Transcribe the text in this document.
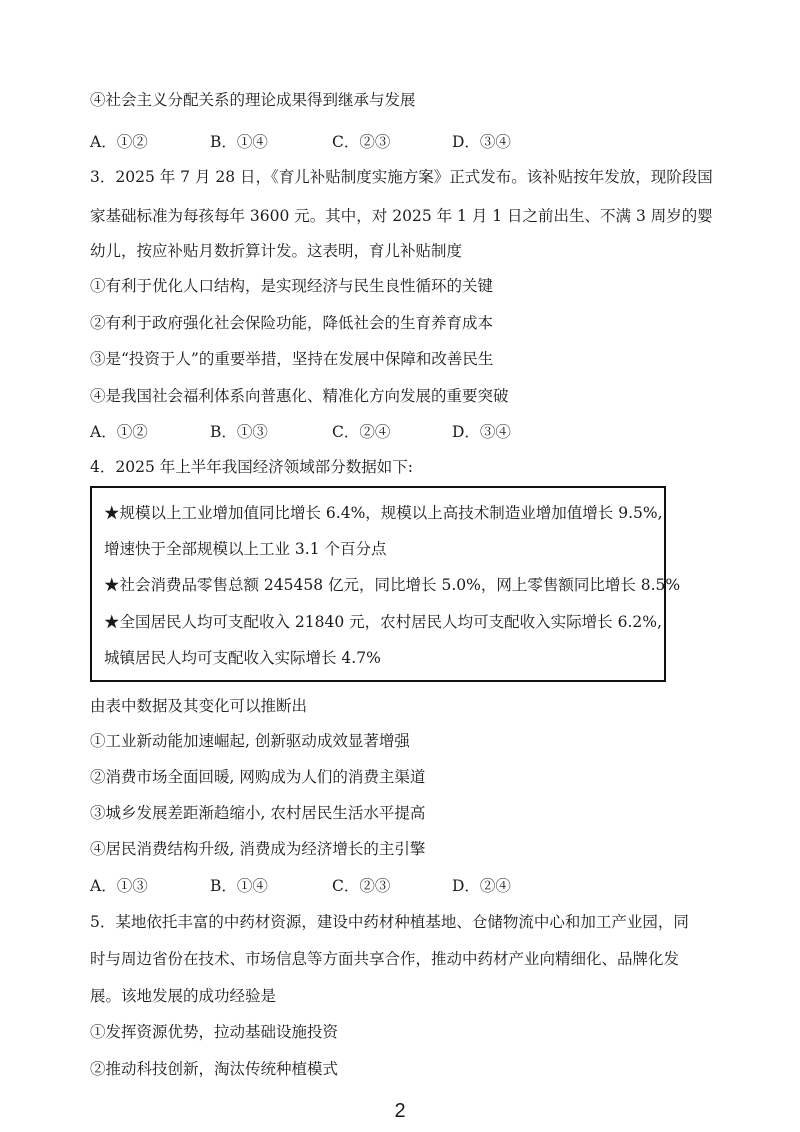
④社会主义分配关系的理论成果得到继承与发展
A．①②	B．①④	C．②③	D．③④
3．2025 年 7 月 28 日，《育儿补贴制度实施方案》正式发布。该补贴按年发放，现阶段国
家基础标准为每孩每年 3600 元。其中，对 2025 年 1 月 1 日之前出生、不满 3 周岁的婴
幼儿，按应补贴月数折算计发。这表明，育儿补贴制度
①有利于优化人口结构，是实现经济与民生良性循环的关键
②有利于政府强化社会保险功能，降低社会的生育养育成本
③是“投资于人”的重要举措，坚持在发展中保障和改善民生
④是我国社会福利体系向普惠化、精准化方向发展的重要突破
A．①②	B．①③	C．②④	D．③④
4．2025 年上半年我国经济领域部分数据如下:
★规模以上工业增加值同比增长 6.4%，规模以上高技术制造业增加值增长 9.5%,
增速快于全部规模以上工业 3.1 个百分点
★社会消费品零售总额 245458 亿元，同比增长 5.0%，网上零售额同比增长 8.5%
★全国居民人均可支配收入 21840 元，农村居民人均可支配收入实际增长 6.2%,
城镇居民人均可支配收入实际增长 4.7%
由表中数据及其变化可以推断出
①工业新动能加速崛起, 创新驱动成效显著增强
②消费市场全面回暖, 网购成为人们的消费主渠道
③城乡发展差距渐趋缩小, 农村居民生活水平提高
④居民消费结构升级, 消费成为经济增长的主引擎
A．①③	B．①④	C．②③	D．②④
5．某地依托丰富的中药材资源，建设中药材种植基地、仓储物流中心和加工产业园，同
时与周边省份在技术、市场信息等方面共享合作，推动中药材产业向精细化、品牌化发
展。该地发展的成功经验是
①发挥资源优势，拉动基础设施投资
②推动科技创新，淘汰传统种植模式
2
